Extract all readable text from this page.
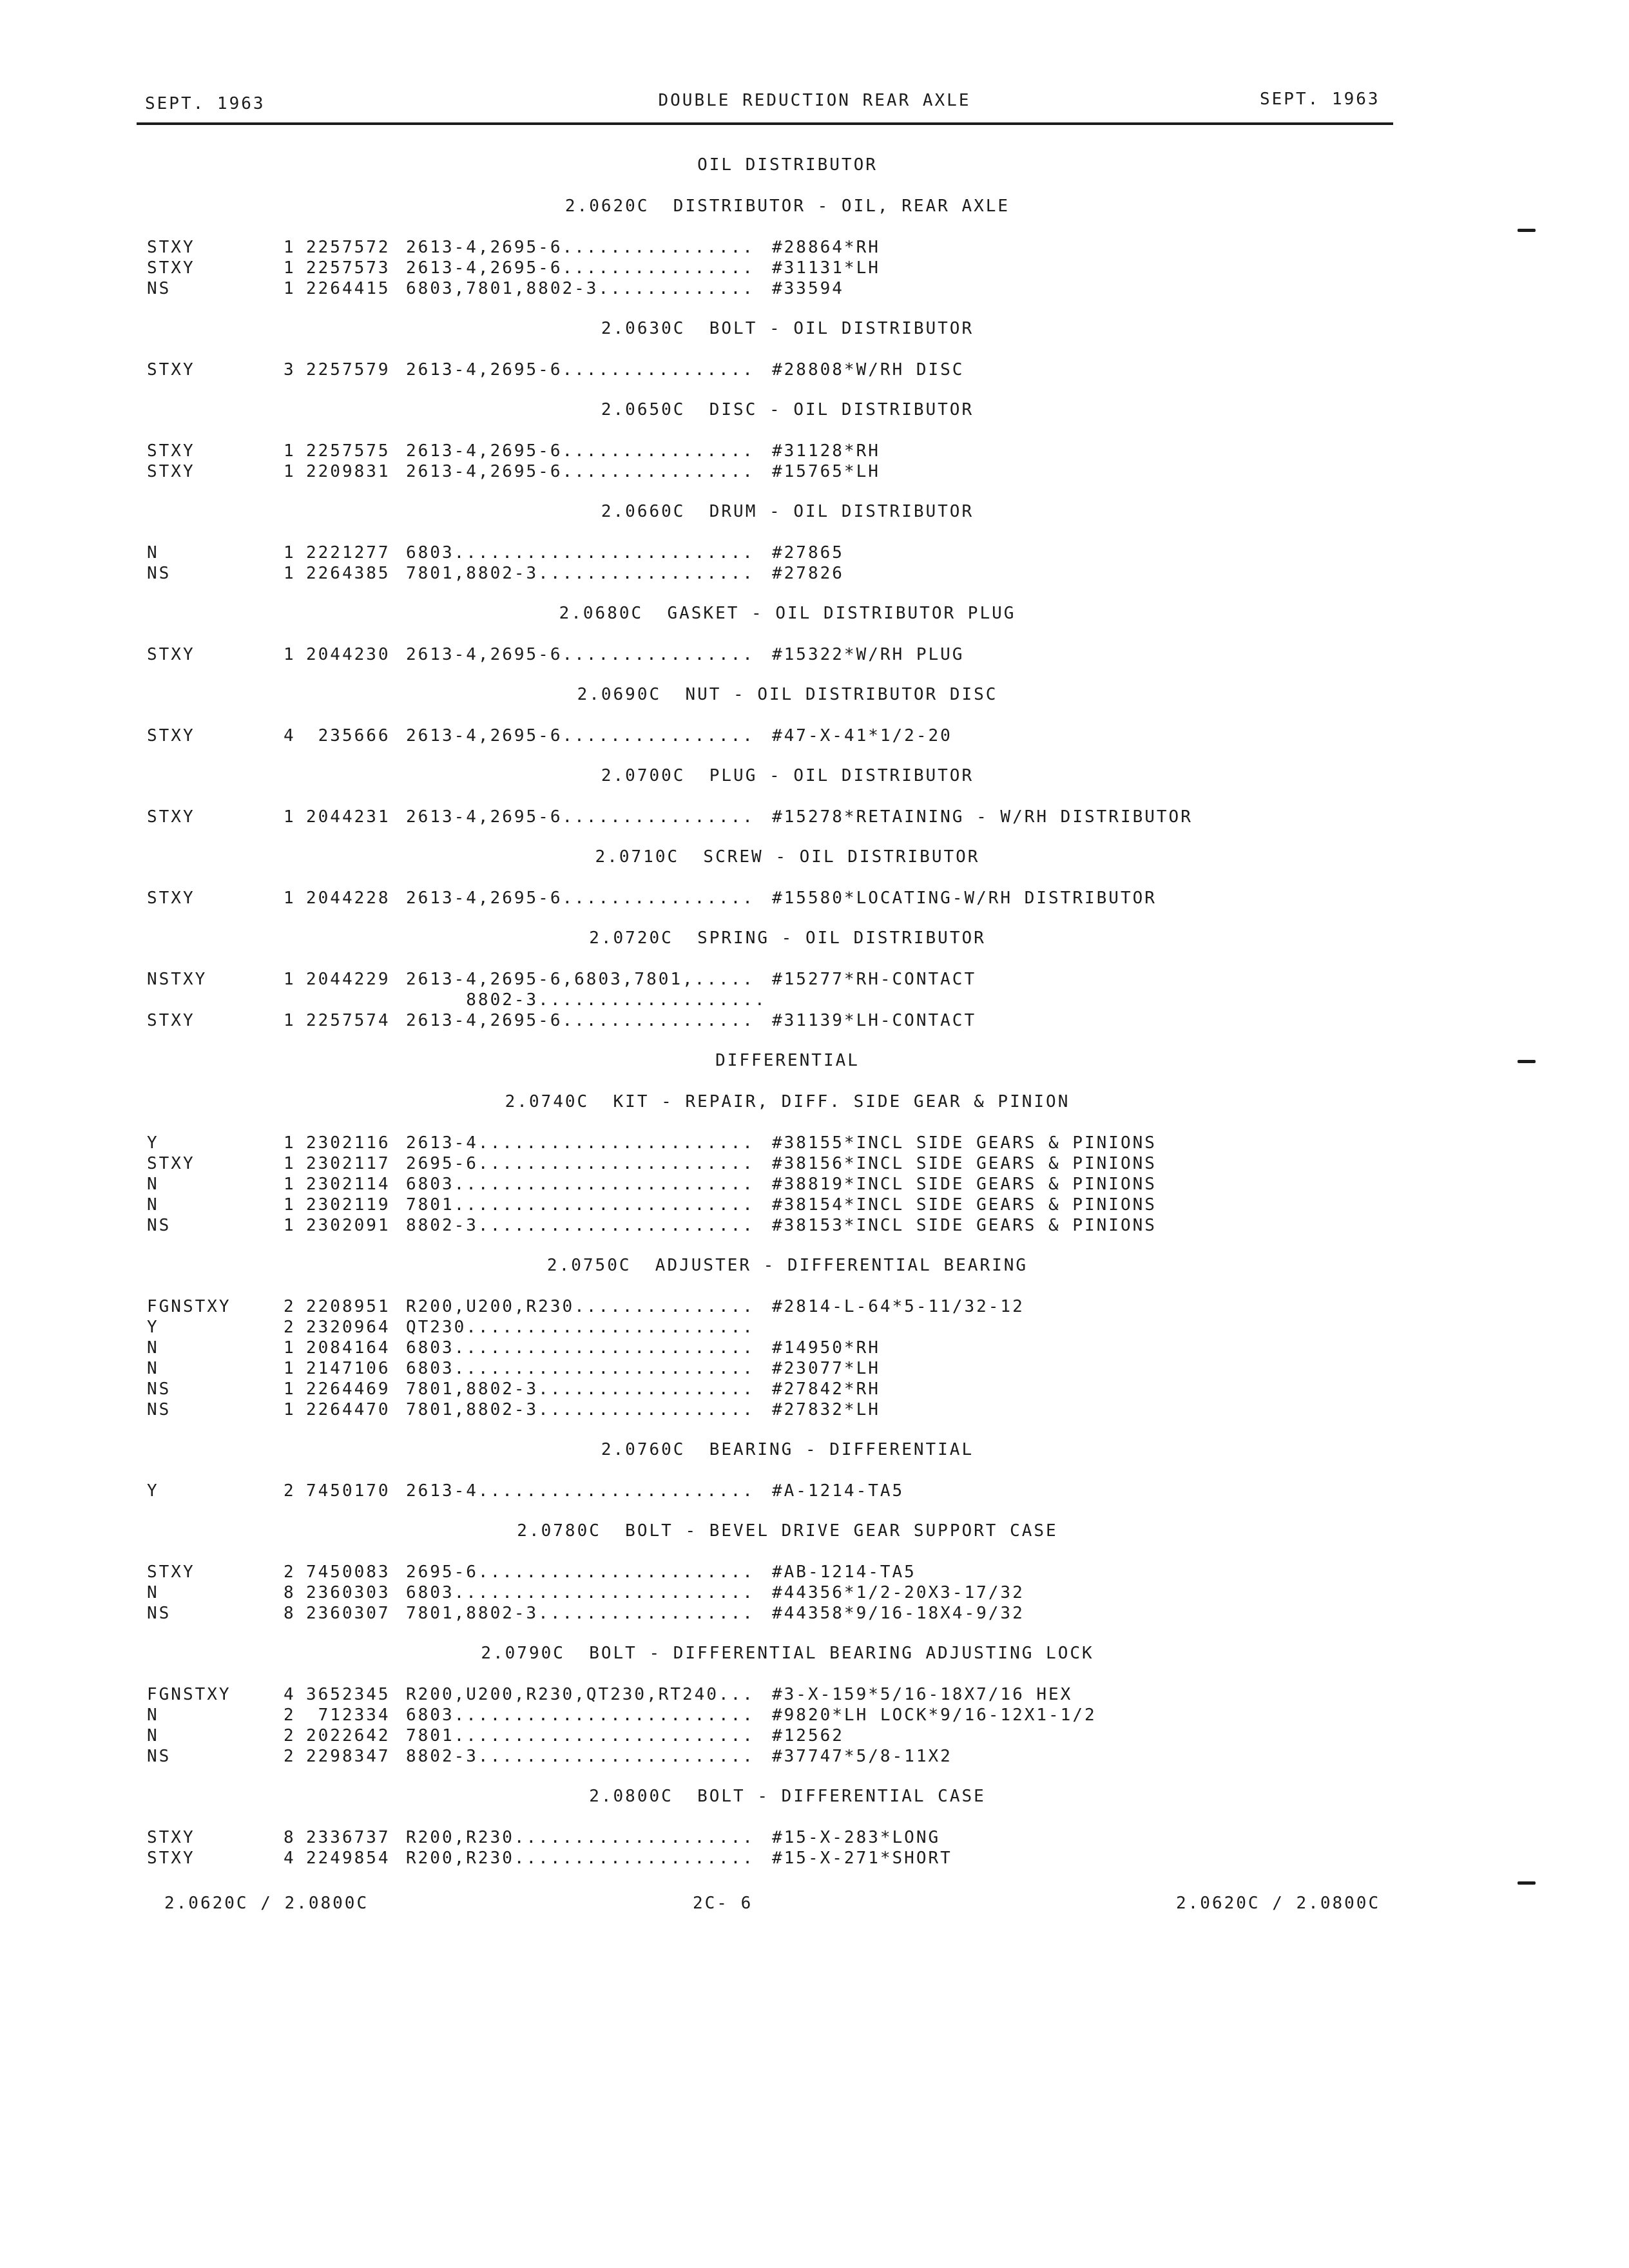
SEPT. 1963	DOUBLE REDUCTION REAR AXLE	SEPT. 1963
OIL DISTRIBUTOR
2.0620C  DISTRIBUTOR - OIL, REAR AXLE
STXY	1 2257572 2613-4,2695-6................ #28864*RH
STXY	1 2257573 2613-4,2695-6................ #31131*LH
NS	1 2264415 6803,7801,8802-3............. #33594
2.0630C  BOLT - OIL DISTRIBUTOR
STXY	3 2257579 2613-4,2695-6................ #28808*W/RH DISC
2.0650C  DISC - OIL DISTRIBUTOR
STXY	1 2257575 2613-4,2695-6................ #31128*RH
STXY	1 2209831 2613-4,2695-6................ #15765*LH
2.0660C  DRUM - OIL DISTRIBUTOR
N	1 2221277 6803......................... #27865
NS	1 2264385 7801,8802-3.................. #27826
2.0680C  GASKET - OIL DISTRIBUTOR PLUG
STXY	1 2044230 2613-4,2695-6................ #15322*W/RH PLUG
2.0690C  NUT - OIL DISTRIBUTOR DISC
STXY	4 235666 2613-4,2695-6................ #47-X-41*1/2-20
2.0700C  PLUG - OIL DISTRIBUTOR
STXY	1 2044231 2613-4,2695-6................ #15278*RETAINING - W/RH DISTRIBUTOR
2.0710C  SCREW - OIL DISTRIBUTOR
STXY	1 2044228 2613-4,2695-6................ #15580*LOCATING-W/RH DISTRIBUTOR
2.0720C  SPRING - OIL DISTRIBUTOR
NSTXY	1 2044229 2613-4,2695-6,6803,7801,..... #15277*RH-CONTACT
8802-3...................
STXY	1 2257574 2613-4,2695-6................ #31139*LH-CONTACT
DIFFERENTIAL
2.0740C  KIT - REPAIR, DIFF. SIDE GEAR & PINION
Y	1 2302116 2613-4....................... #38155*INCL SIDE GEARS & PINIONS
STXY	1 2302117 2695-6....................... #38156*INCL SIDE GEARS & PINIONS
N	1 2302114 6803......................... #38819*INCL SIDE GEARS & PINIONS
N	1 2302119 7801......................... #38154*INCL SIDE GEARS & PINIONS
NS	1 2302091 8802-3....................... #38153*INCL SIDE GEARS & PINIONS
2.0750C  ADJUSTER - DIFFERENTIAL BEARING
FGNSTXY	2 2208951 R200,U200,R230............... #2814-L-64*5-11/32-12
Y	2 2320964 QT230........................
N	1 2084164 6803......................... #14950*RH
N	1 2147106 6803......................... #23077*LH
NS	1 2264469 7801,8802-3.................. #27842*RH
NS	1 2264470 7801,8802-3.................. #27832*LH
2.0760C  BEARING - DIFFERENTIAL
Y	2 7450170 2613-4....................... #A-1214-TA5
2.0780C  BOLT - BEVEL DRIVE GEAR SUPPORT CASE
STXY	2 7450083 2695-6....................... #AB-1214-TA5
N	8 2360303 6803......................... #44356*1/2-20X3-17/32
NS	8 2360307 7801,8802-3.................. #44358*9/16-18X4-9/32
2.0790C  BOLT - DIFFERENTIAL BEARING ADJUSTING LOCK
FGNSTXY	4 3652345 R200,U200,R230,QT230,RT240... #3-X-159*5/16-18X7/16 HEX
N	2 712334 6803......................... #9820*LH LOCK*9/16-12X1-1/2
N	2 2022642 7801......................... #12562
NS	2 2298347 8802-3....................... #37747*5/8-11X2
2.0800C  BOLT - DIFFERENTIAL CASE
STXY	8 2336737 R200,R230.................... #15-X-283*LONG
STXY	4 2249854 R200,R230.................... #15-X-271*SHORT
2.0620C / 2.0800C	2C- 6	2.0620C / 2.0800C
